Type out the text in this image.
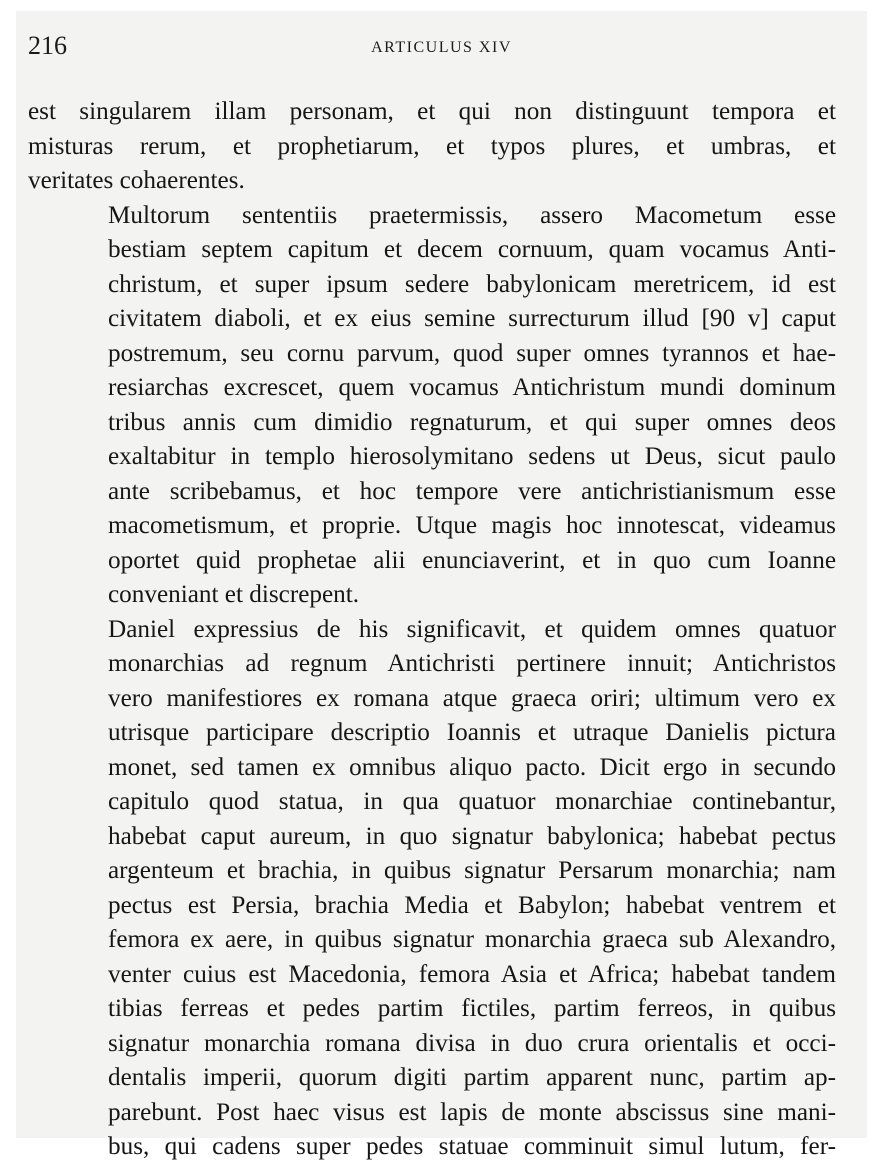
216	ARTICULUS XIV

est singularem illam personam, et qui non distinguunt tempora et
misturas rerum, et prophetiarum, et typos plures, et umbras, et
veritates cohaerentes.

Multorum sententiis praetermissis, assero Macometum esse
bestiam septem capitum et decem cornuum, quam vocamus Anti-
christum, et super ipsum sedere babylonicam meretricem, id est
civitatem diaboli, et ex eius semine surrecturum illud [90 v] caput
postremum, seu cornu parvum, quod super omnes tyrannos et hae-
resiarchas excrescet, quem vocamus Antichristum mundi dominum
tribus annis cum dimidio regnaturum, et qui super omnes deos
exaltabitur in templo hierosolymitano sedens ut Deus, sicut paulo
ante scribebamus, et hoc tempore vere antichristianismum esse
macometismum, et proprie. Utque magis hoc innotescat, videamus
oportet quid prophetae alii enunciaverint, et in quo cum Ioanne
conveniant et discrepent.

Daniel expressius de his significavit, et quidem omnes quatuor
monarchias ad regnum Antichristi pertinere innuit; Antichristos
vero manifestiores ex romana atque graeca oriri; ultimum vero ex
utrisque participare descriptio Ioannis et utraque Danielis pictura
monet, sed tamen ex omnibus aliquo pacto. Dicit ergo in secundo
capitulo quod statua, in qua quatuor monarchiae continebantur,
habebat caput aureum, in quo signatur babylonica; habebat pectus
argenteum et brachia, in quibus signatur Persarum monarchia; nam
pectus est Persia, brachia Media et Babylon; habebat ventrem et
femora ex aere, in quibus signatur monarchia graeca sub Alexandro,
venter cuius est Macedonia, femora Asia et Africa; habebat tandem
tibias ferreas et pedes partim fictiles, partim ferreos, in quibus
signatur monarchia romana divisa in duo crura orientalis et occi-
dentalis imperii, quorum digiti partim apparent nunc, partim ap-
parebunt. Post haec visus est lapis de monte abscissus sine mani-
bus, qui cadens super pedes statuae comminuit simul lutum, fer-
